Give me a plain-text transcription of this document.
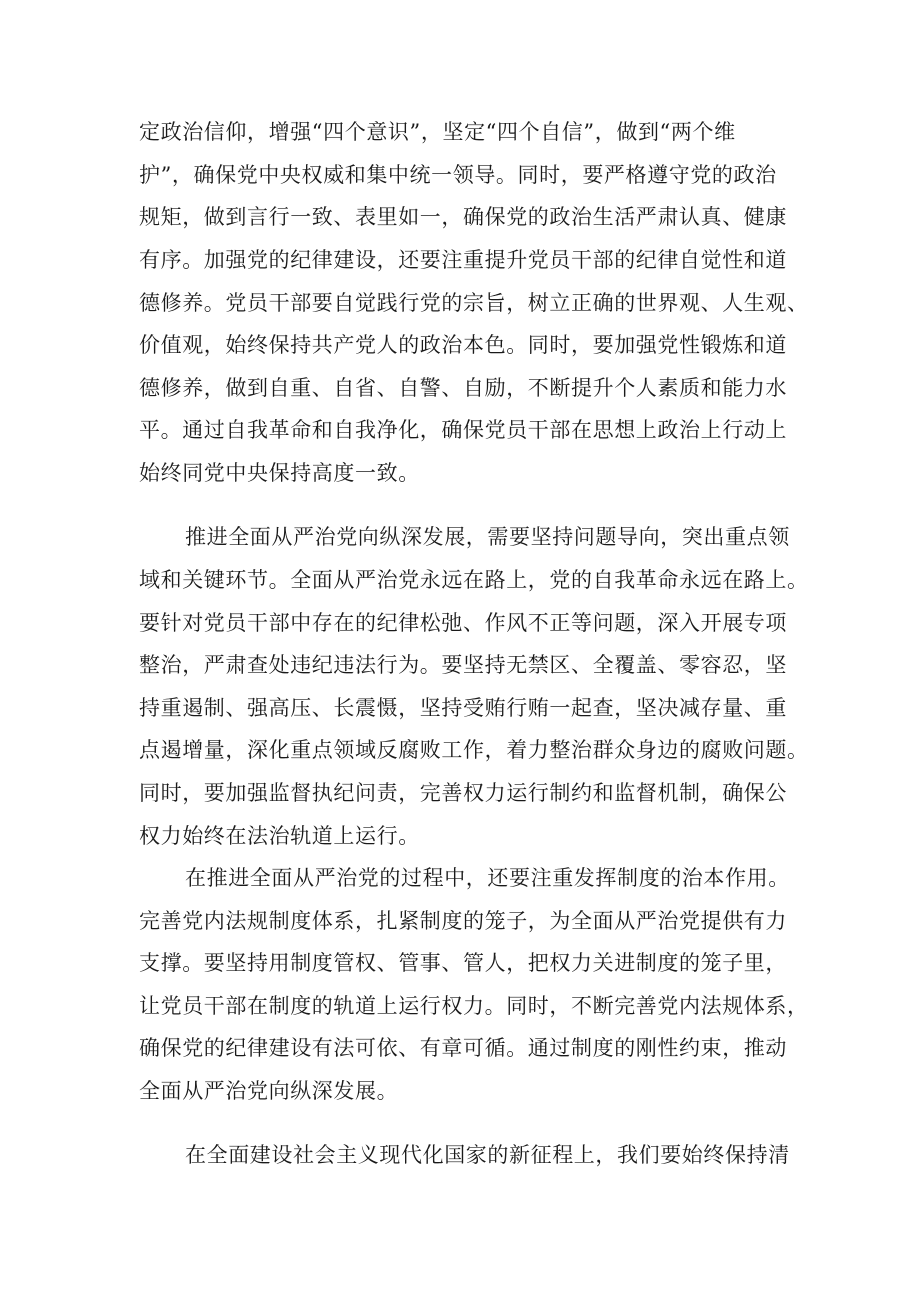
定政治信仰，增强“四个意识”，坚定“四个自信”，做到“两个维
护”，确保党中央权威和集中统一领导。同时，要严格遵守党的政治
规矩，做到言行一致、表里如一，确保党的政治生活严肃认真、健康
有序。加强党的纪律建设，还要注重提升党员干部的纪律自觉性和道
德修养。党员干部要自觉践行党的宗旨，树立正确的世界观、人生观、
价值观，始终保持共产党人的政治本色。同时，要加强党性锻炼和道
德修养，做到自重、自省、自警、自励，不断提升个人素质和能力水
平。通过自我革命和自我净化，确保党员干部在思想上政治上行动上
始终同党中央保持高度一致。
推进全面从严治党向纵深发展，需要坚持问题导向，突出重点领
域和关键环节。全面从严治党永远在路上，党的自我革命永远在路上。
要针对党员干部中存在的纪律松弛、作风不正等问题，深入开展专项
整治，严肃查处违纪违法行为。要坚持无禁区、全覆盖、零容忍，坚
持重遏制、强高压、长震慑，坚持受贿行贿一起查，坚决减存量、重
点遏增量，深化重点领域反腐败工作，着力整治群众身边的腐败问题。
同时，要加强监督执纪问责，完善权力运行制约和监督机制，确保公
权力始终在法治轨道上运行。
在推进全面从严治党的过程中，还要注重发挥制度的治本作用。
完善党内法规制度体系，扎紧制度的笼子，为全面从严治党提供有力
支撑。要坚持用制度管权、管事、管人，把权力关进制度的笼子里，
让党员干部在制度的轨道上运行权力。同时，不断完善党内法规体系，
确保党的纪律建设有法可依、有章可循。通过制度的刚性约束，推动
全面从严治党向纵深发展。
在全面建设社会主义现代化国家的新征程上，我们要始终保持清
